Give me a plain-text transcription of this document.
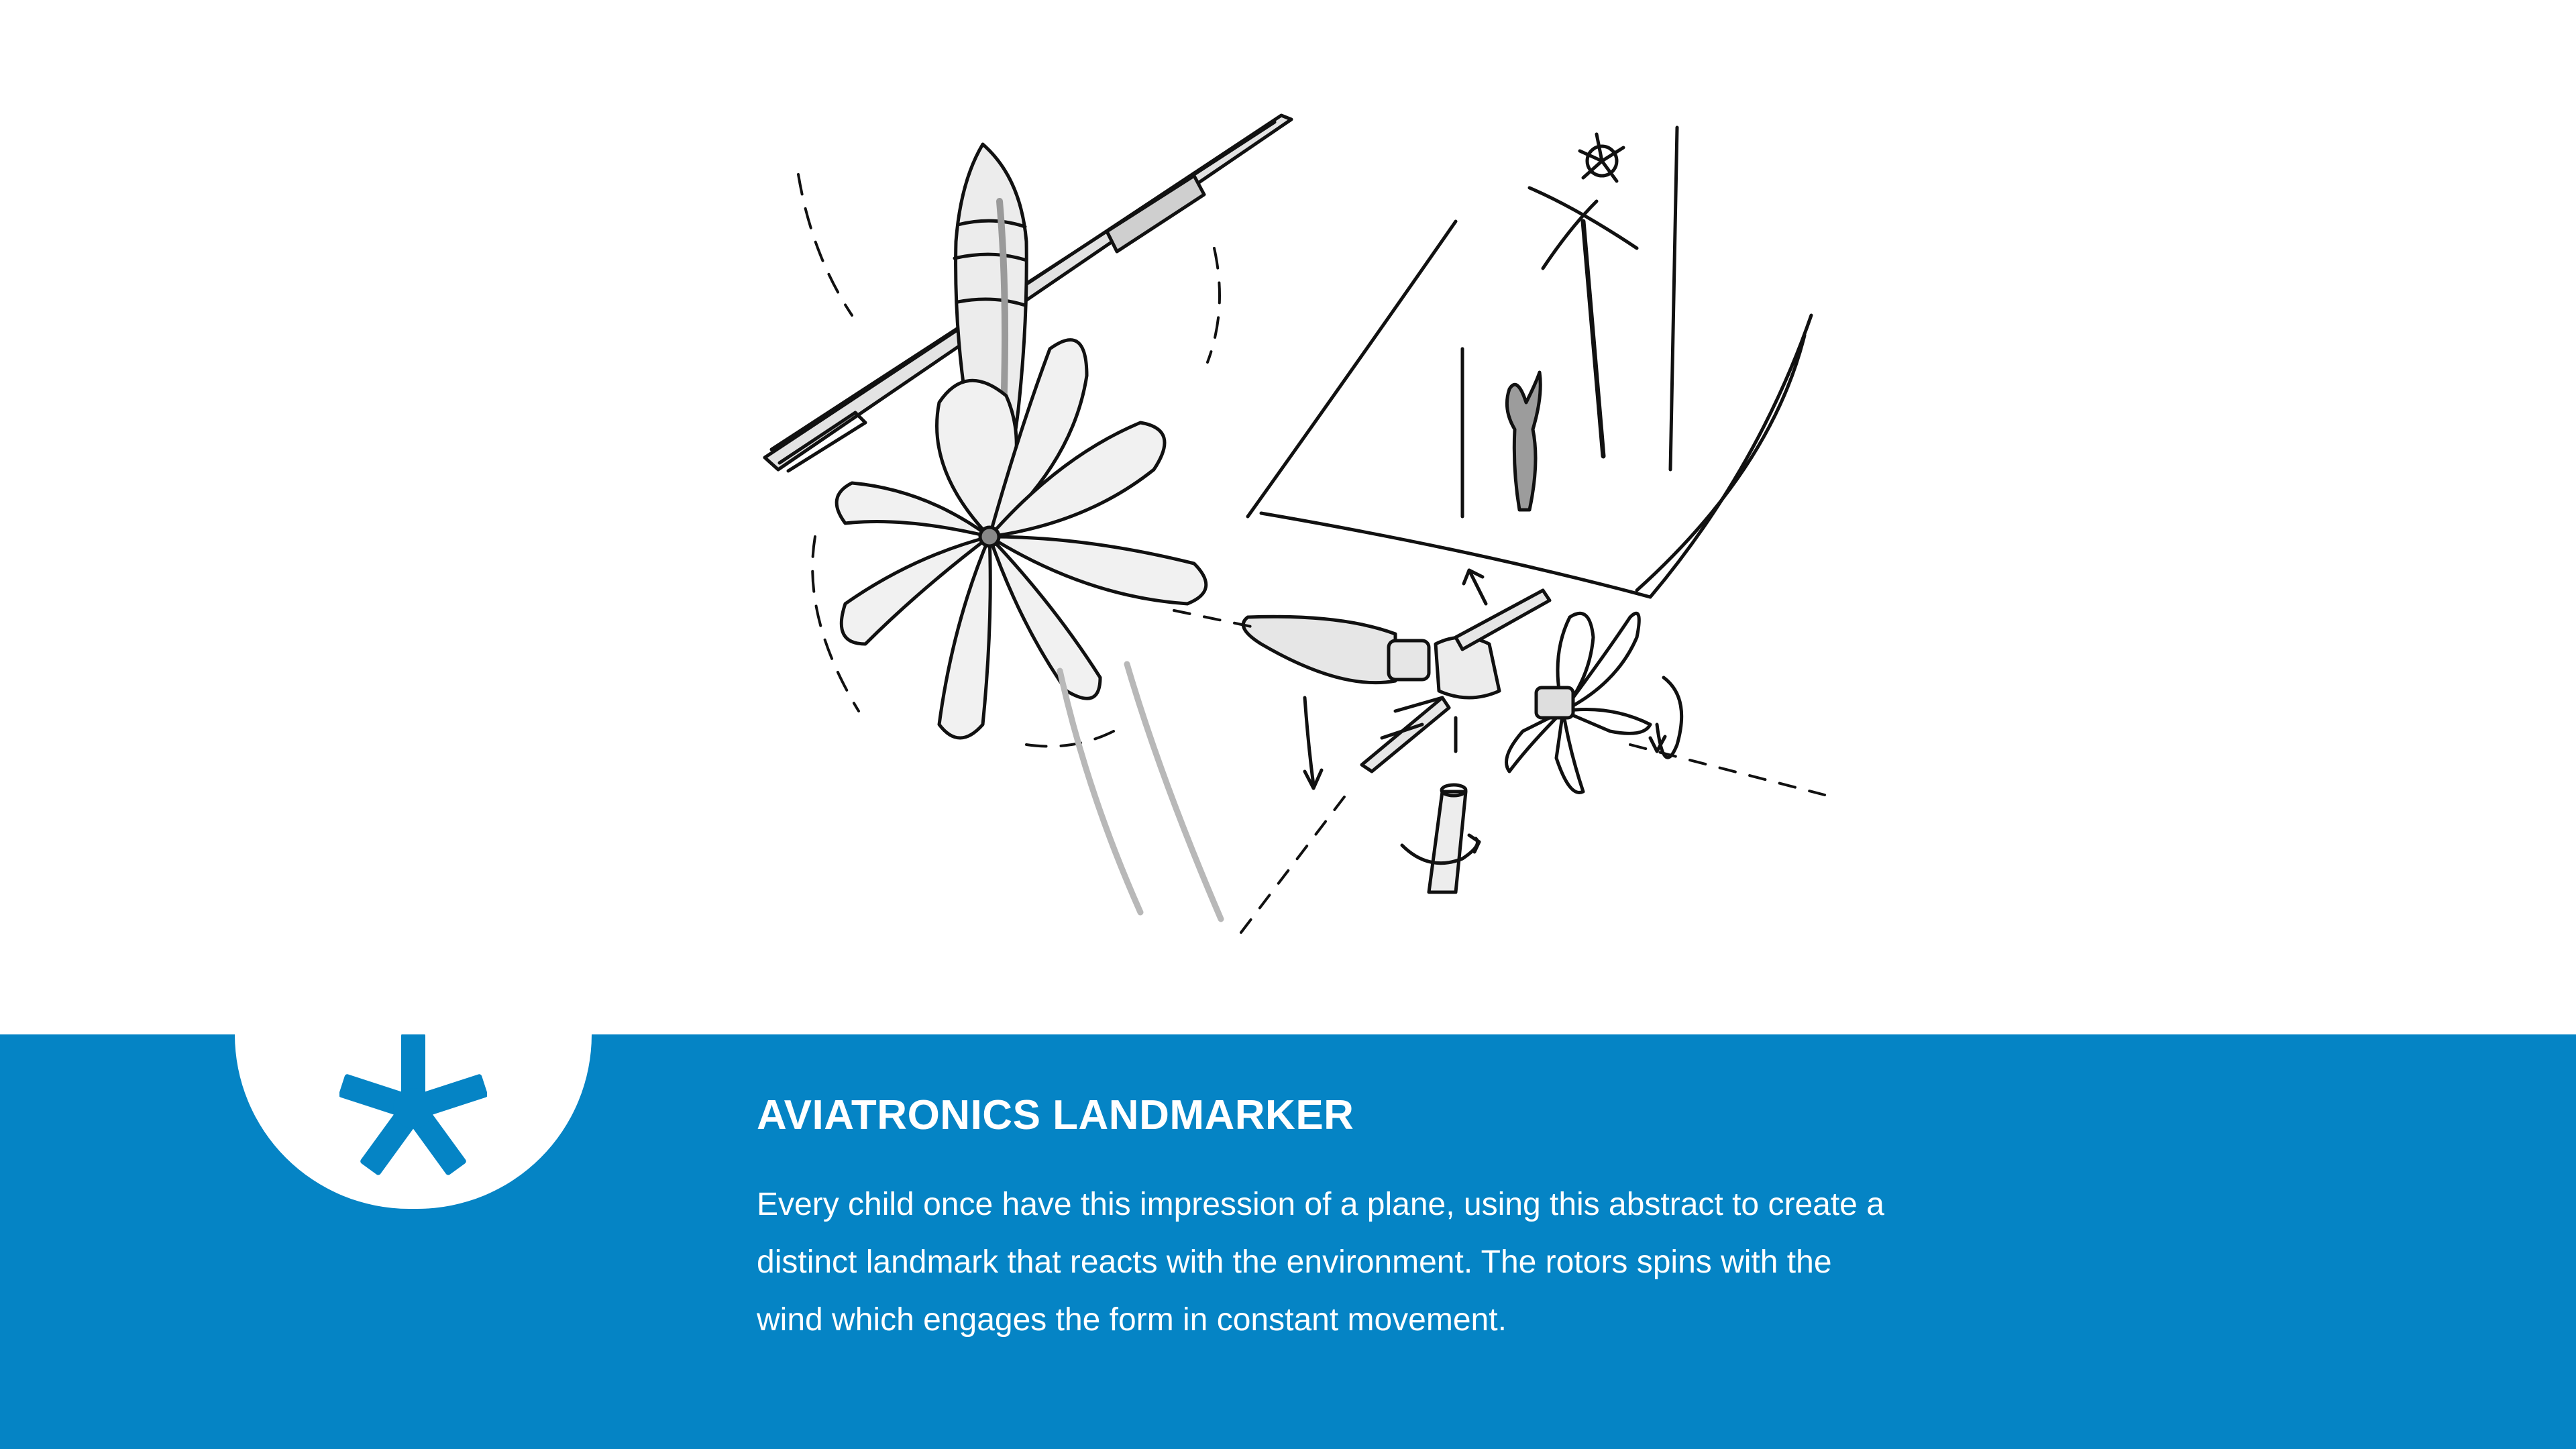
AVIATRONICS LANDMARKER

Every child once have this impression of a plane, using this abstract to create a distinct landmark that reacts with the environment. The rotors spins with the wind which engages the form in constant movement.
